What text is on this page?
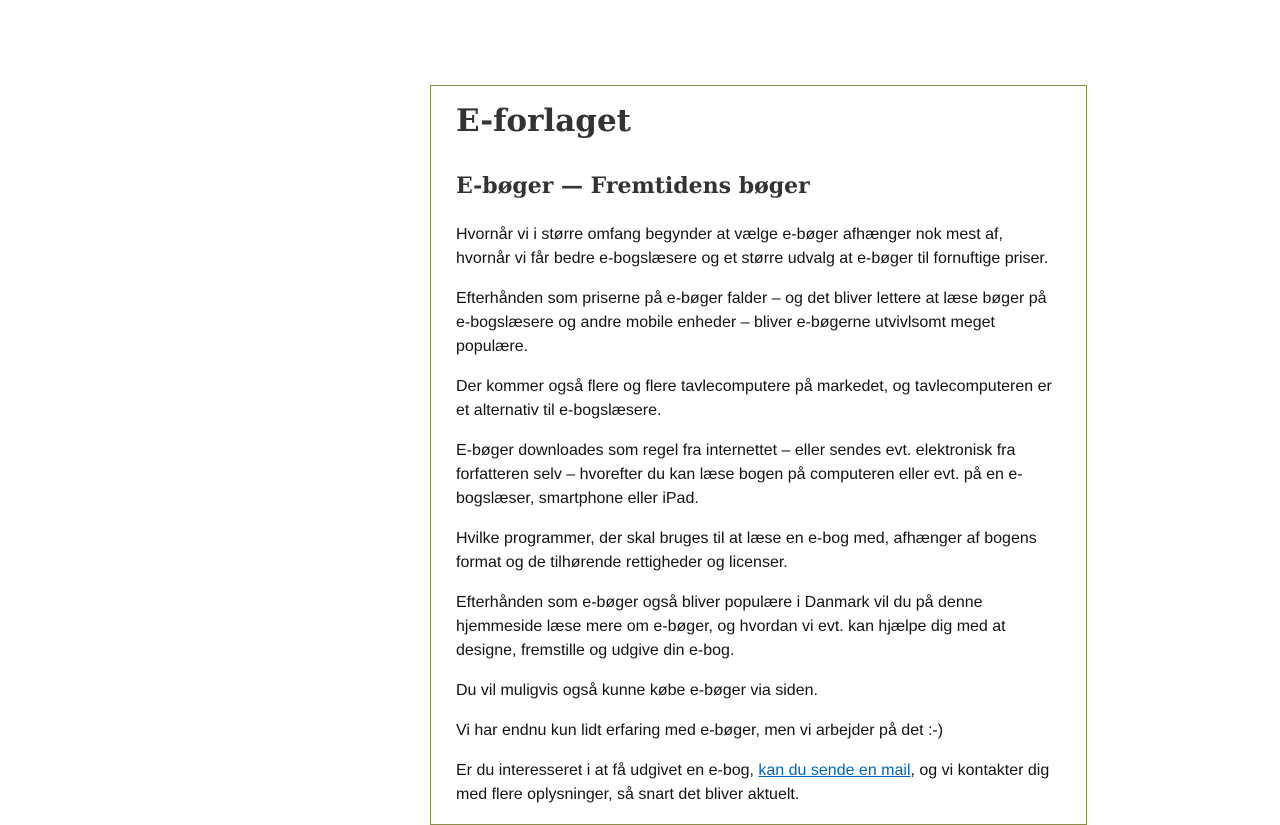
E-forlaget
E-bøger — Fremtidens bøger

Hvornår vi i større omfang begynder at vælge e-bøger afhænger nok mest af, hvornår vi får bedre e-bogslæsere og et større udvalg at e-bøger til fornuftige priser.

Efterhånden som priserne på e-bøger falder – og det bliver lettere at læse bøger på e-bogslæsere og andre mobile enheder – bliver e-bøgerne utvivlsomt meget populære.

Der kommer også flere og flere tavlecomputere på markedet, og tavlecomputeren er et alternativ til e-bogslæsere.

E-bøger downloades som regel fra internettet – eller sendes evt. elektronisk fra forfatteren selv – hvorefter du kan læse bogen på computeren eller evt. på en e-bogslæser, smartphone eller iPad.

Hvilke programmer, der skal bruges til at læse en e-bog med, afhænger af bogens format og de tilhørende rettigheder og licenser.

Efterhånden som e-bøger også bliver populære i Danmark vil du på denne hjemmeside læse mere om e-bøger, og hvordan vi evt. kan hjælpe dig med at designe, fremstille og udgive din e-bog.

Du vil muligvis også kunne købe e-bøger via siden.

Vi har endnu kun lidt erfaring med e-bøger, men vi arbejder på det :-)

Er du interesseret i at få udgivet en e-bog, kan du sende en mail, og vi kontakter dig med flere oplysninger, så snart det bliver aktuelt.
